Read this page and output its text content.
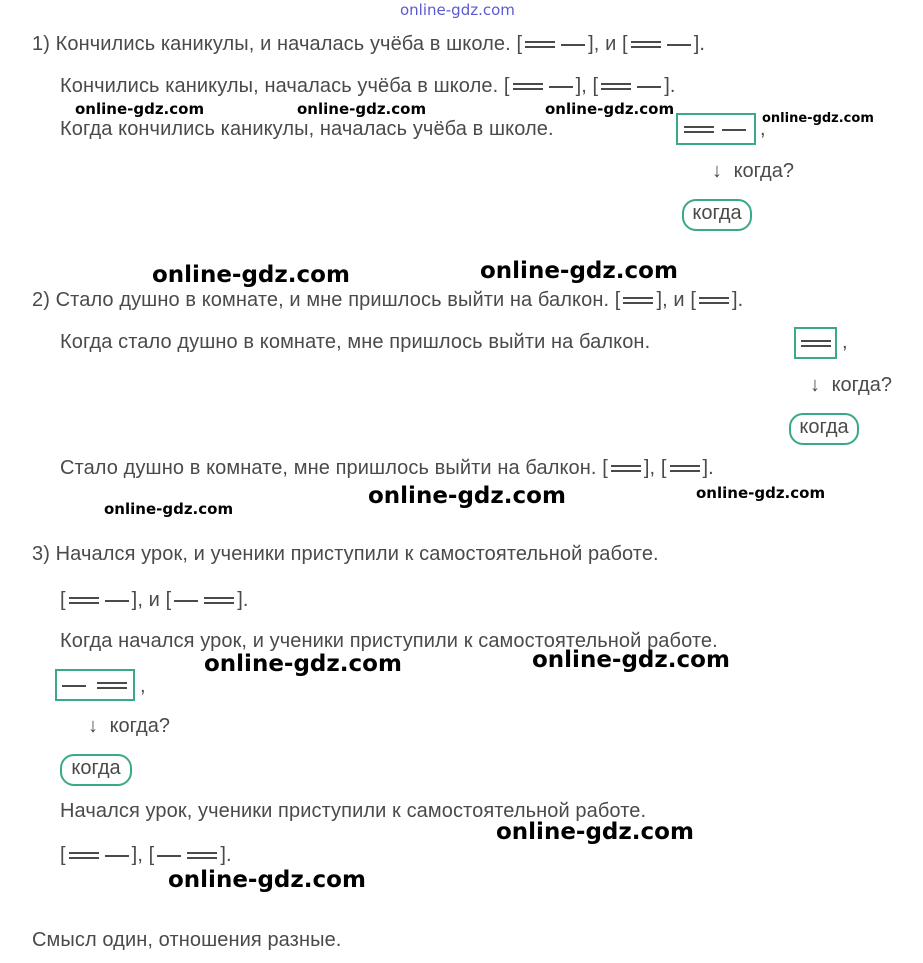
online-gdz.com
1) Кончились каникулы, и началась учёба в школе. [	], и [	].
Кончились каникулы, началась учёба в школе. [	], [	].
online-gdz.com	online-gdz.com	online-gdz.com
Когда кончились каникулы, началась учёба в школе.	,
online-gdz.com
↓ когда?
когда
online-gdz.com	online-gdz.com
2) Стало душно в комнате, и мне пришлось выйти на балкон. [ ], и [ ].
Когда стало душно в комнате, мне пришлось выйти на балкон.	,
↓ когда?
когда
Стало душно в комнате, мне пришлось выйти на балкон. [ ], [ ].
online-gdz.com	online-gdz.com
online-gdz.com
3) Начался урок, и ученики приступили к самостоятельной работе.
[	], и [	].
Когда начался урок, и ученики приступили к самостоятельной работе.
online-gdz.com	online-gdz.com
,
↓ когда?
когда
Начался урок, ученики приступили к самостоятельной работе.
online-gdz.com
[	], [	].
online-gdz.com
Смысл один, отношения разные.
